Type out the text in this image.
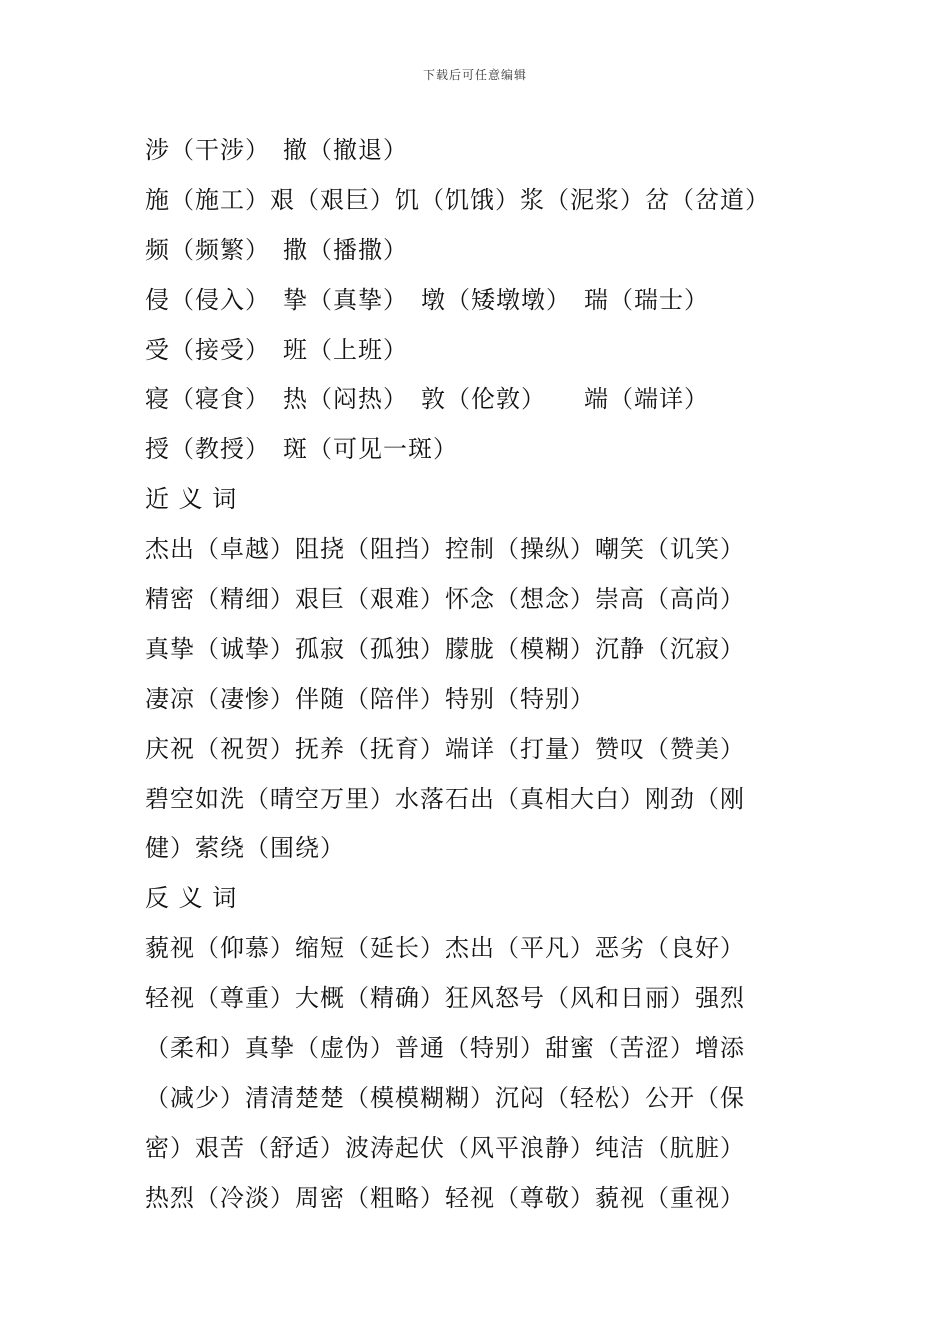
下载后可任意编辑
涉（干涉）　撤（撤退）
施（施工）艰（艰巨）饥（饥饿）浆（泥浆）岔（岔道）
频（频繁）　撒（播撒）
侵（侵入）　挚（真挚）　墩（矮墩墩）　瑞（瑞士）
受（接受）　班（上班）
寝（寝食）　热（闷热）　敦（伦敦）　　端（端详）
授（教授）　斑（可见一斑）
近 义 词
杰出（卓越）阻挠（阻挡）控制（操纵）嘲笑（讥笑）
精密（精细）艰巨（艰难）怀念（想念）崇高（高尚）
真挚（诚挚）孤寂（孤独）朦胧（模糊）沉静（沉寂）
凄凉（凄惨）伴随（陪伴）特别（特别）
庆祝（祝贺）抚养（抚育）端详（打量）赞叹（赞美）
碧空如洗（晴空万里）水落石出（真相大白）刚劲（刚
健）萦绕（围绕）
反 义 词
藐视（仰慕）缩短（延长）杰出（平凡）恶劣（良好）
轻视（尊重）大概（精确）狂风怒号（风和日丽）强烈
（柔和）真挚（虚伪）普通（特别）甜蜜（苦涩）增添
（减少）清清楚楚（模模糊糊）沉闷（轻松）公开（保
密）艰苦（舒适）波涛起伏（风平浪静）纯洁（肮脏）
热烈（冷淡）周密（粗略）轻视（尊敬）藐视（重视）
